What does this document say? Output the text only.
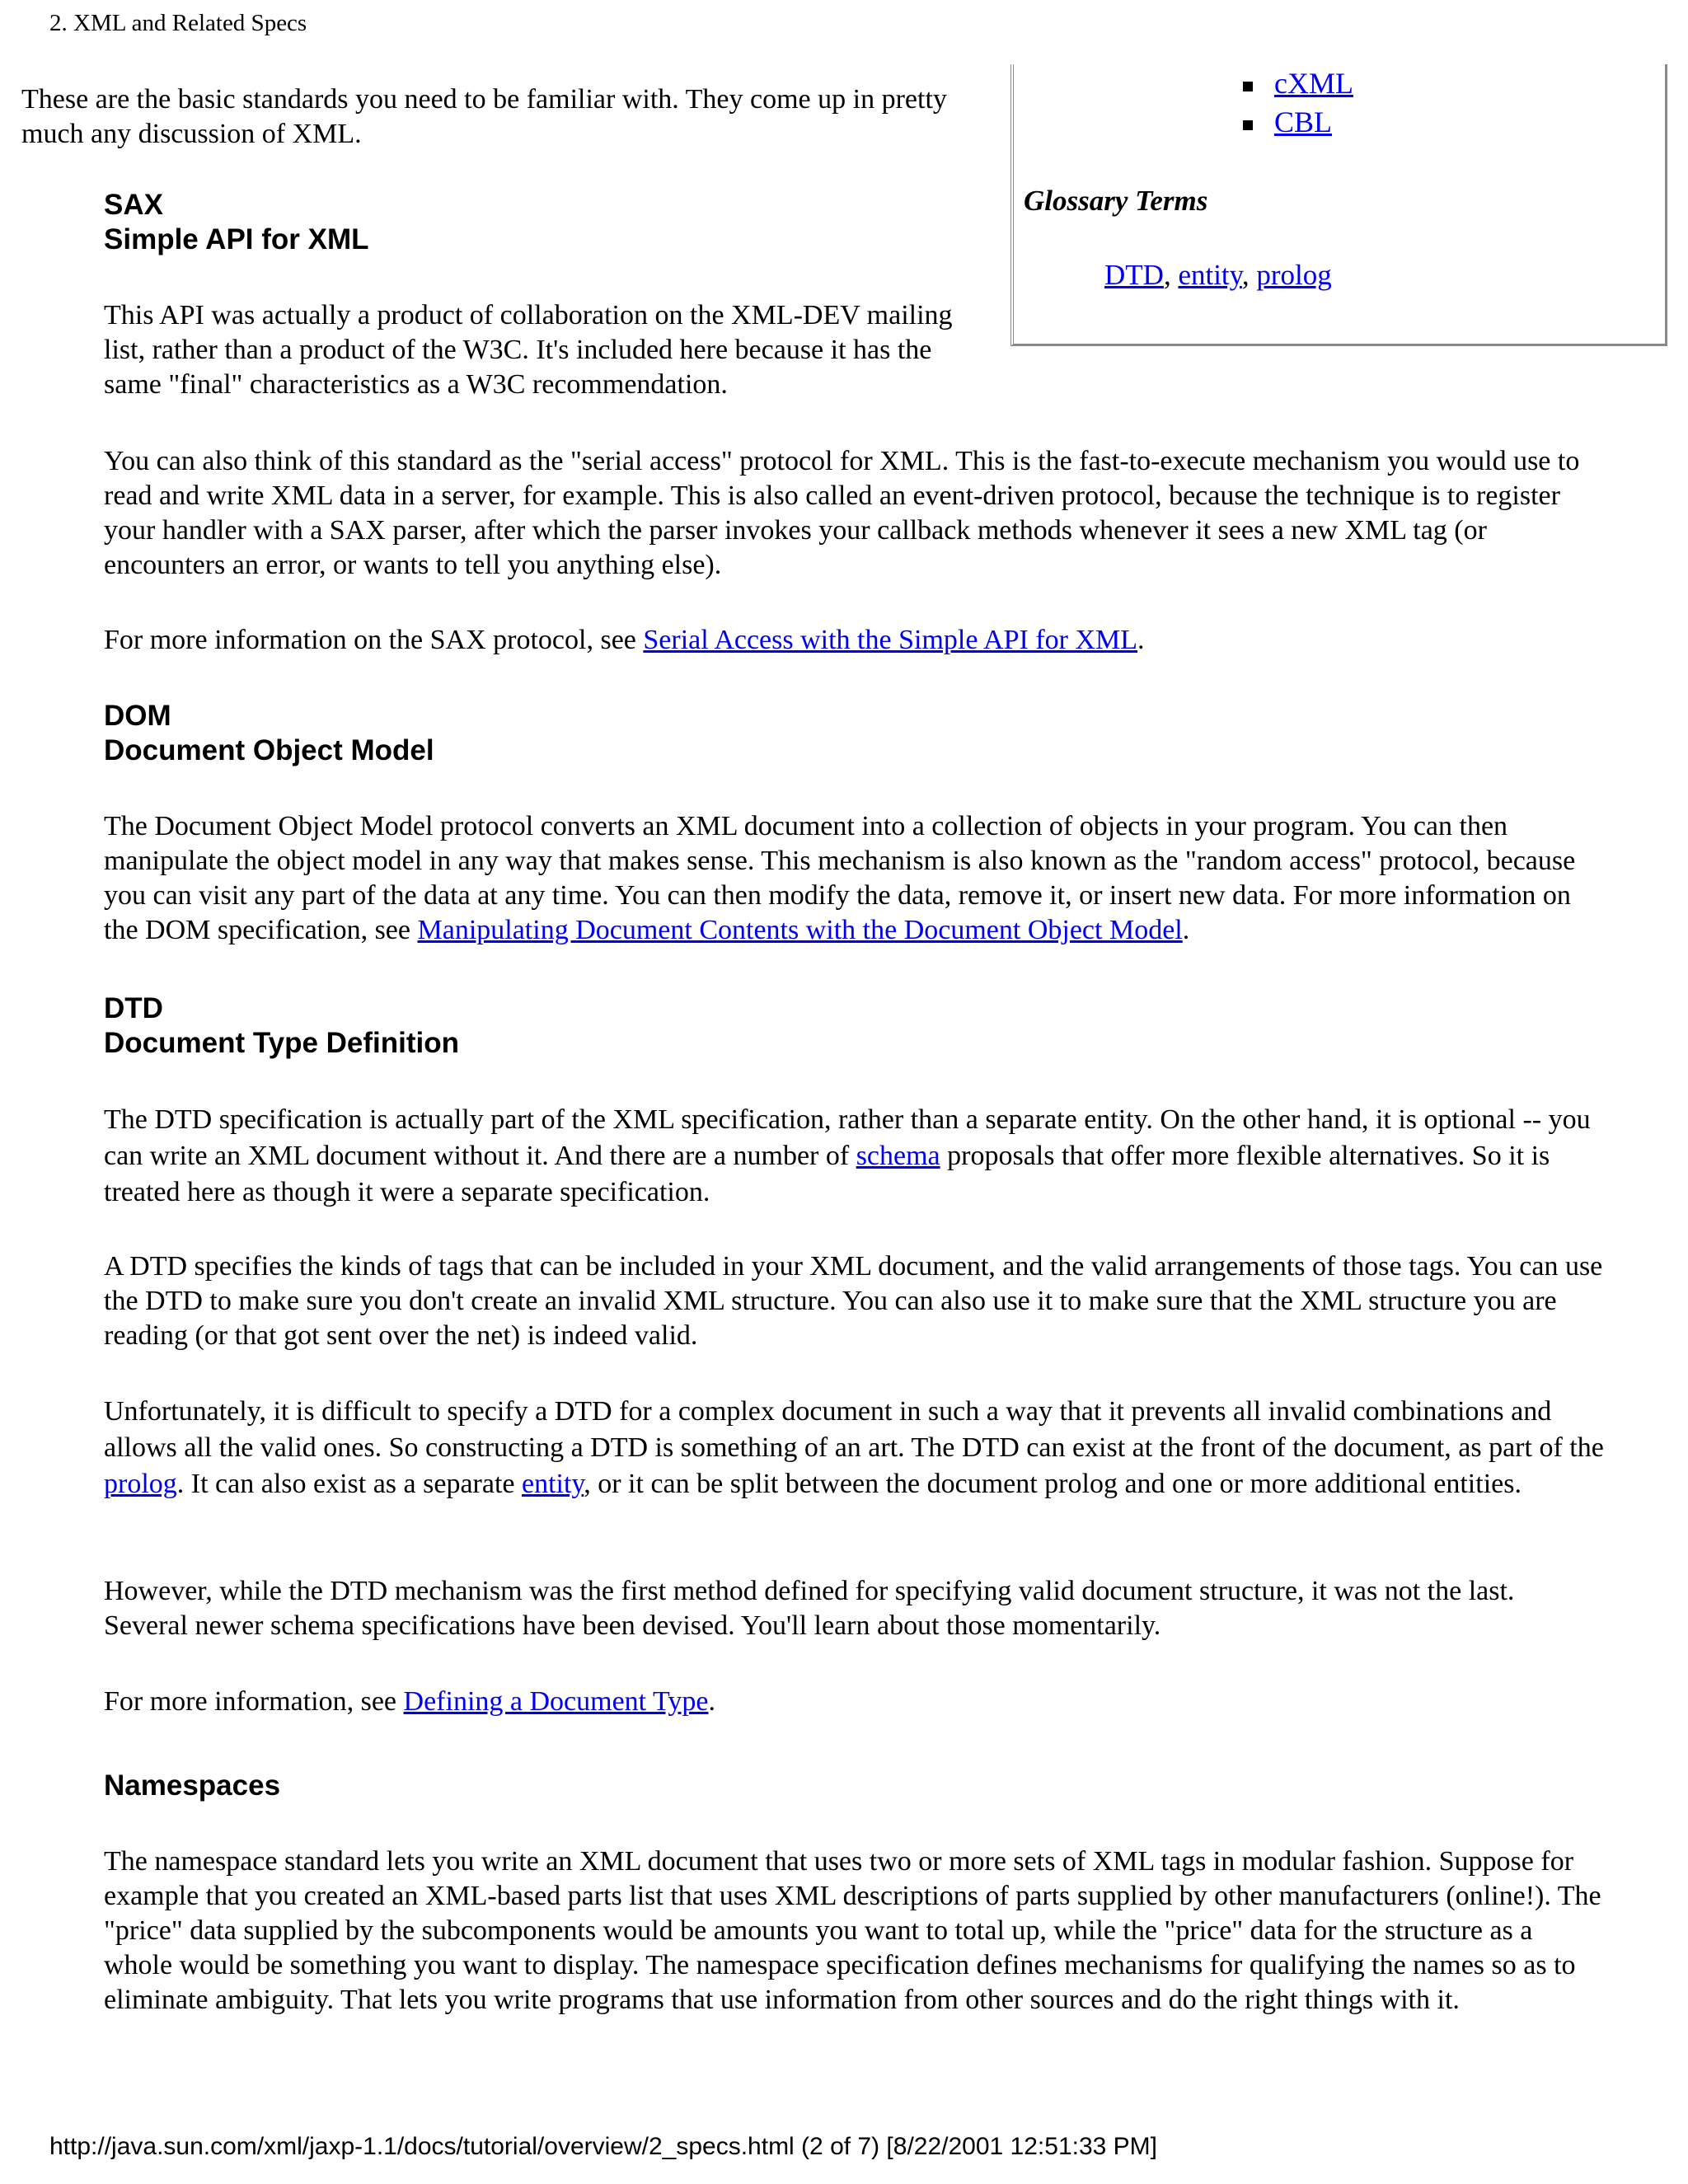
2. XML and Related Specs

These are the basic standards you need to be familiar with. They come up in pretty much any discussion of XML.

cXML
CBL
Glossary Terms
DTD, entity, prolog
SAX
Simple API for XML

This API was actually a product of collaboration on the XML-DEV mailing list, rather than a product of the W3C. It's included here because it has the same "final" characteristics as a W3C recommendation.

You can also think of this standard as the "serial access" protocol for XML. This is the fast-to-execute mechanism you would use to read and write XML data in a server, for example. This is also called an event-driven protocol, because the technique is to register your handler with a SAX parser, after which the parser invokes your callback methods whenever it sees a new XML tag (or encounters an error, or wants to tell you anything else).

For more information on the SAX protocol, see Serial Access with the Simple API for XML.

DOM
Document Object Model

The Document Object Model protocol converts an XML document into a collection of objects in your program. You can then manipulate the object model in any way that makes sense. This mechanism is also known as the "random access" protocol, because you can visit any part of the data at any time. You can then modify the data, remove it, or insert new data. For more information on the DOM specification, see Manipulating Document Contents with the Document Object Model.

DTD
Document Type Definition

The DTD specification is actually part of the XML specification, rather than a separate entity. On the other hand, it is optional -- you can write an XML document without it. And there are a number of schema proposals that offer more flexible alternatives. So it is treated here as though it were a separate specification.

A DTD specifies the kinds of tags that can be included in your XML document, and the valid arrangements of those tags. You can use the DTD to make sure you don't create an invalid XML structure. You can also use it to make sure that the XML structure you are reading (or that got sent over the net) is indeed valid.

Unfortunately, it is difficult to specify a DTD for a complex document in such a way that it prevents all invalid combinations and allows all the valid ones. So constructing a DTD is something of an art. The DTD can exist at the front of the document, as part of the prolog. It can also exist as a separate entity, or it can be split between the document prolog and one or more additional entities.

However, while the DTD mechanism was the first method defined for specifying valid document structure, it was not the last. Several newer schema specifications have been devised. You'll learn about those momentarily.

For more information, see Defining a Document Type.

Namespaces

The namespace standard lets you write an XML document that uses two or more sets of XML tags in modular fashion. Suppose for example that you created an XML-based parts list that uses XML descriptions of parts supplied by other manufacturers (online!). The "price" data supplied by the subcomponents would be amounts you want to total up, while the "price" data for the structure as a whole would be something you want to display. The namespace specification defines mechanisms for qualifying the names so as to eliminate ambiguity. That lets you write programs that use information from other sources and do the right things with it.

http://java.sun.com/xml/jaxp-1.1/docs/tutorial/overview/2_specs.html (2 of 7) [8/22/2001 12:51:33 PM]
